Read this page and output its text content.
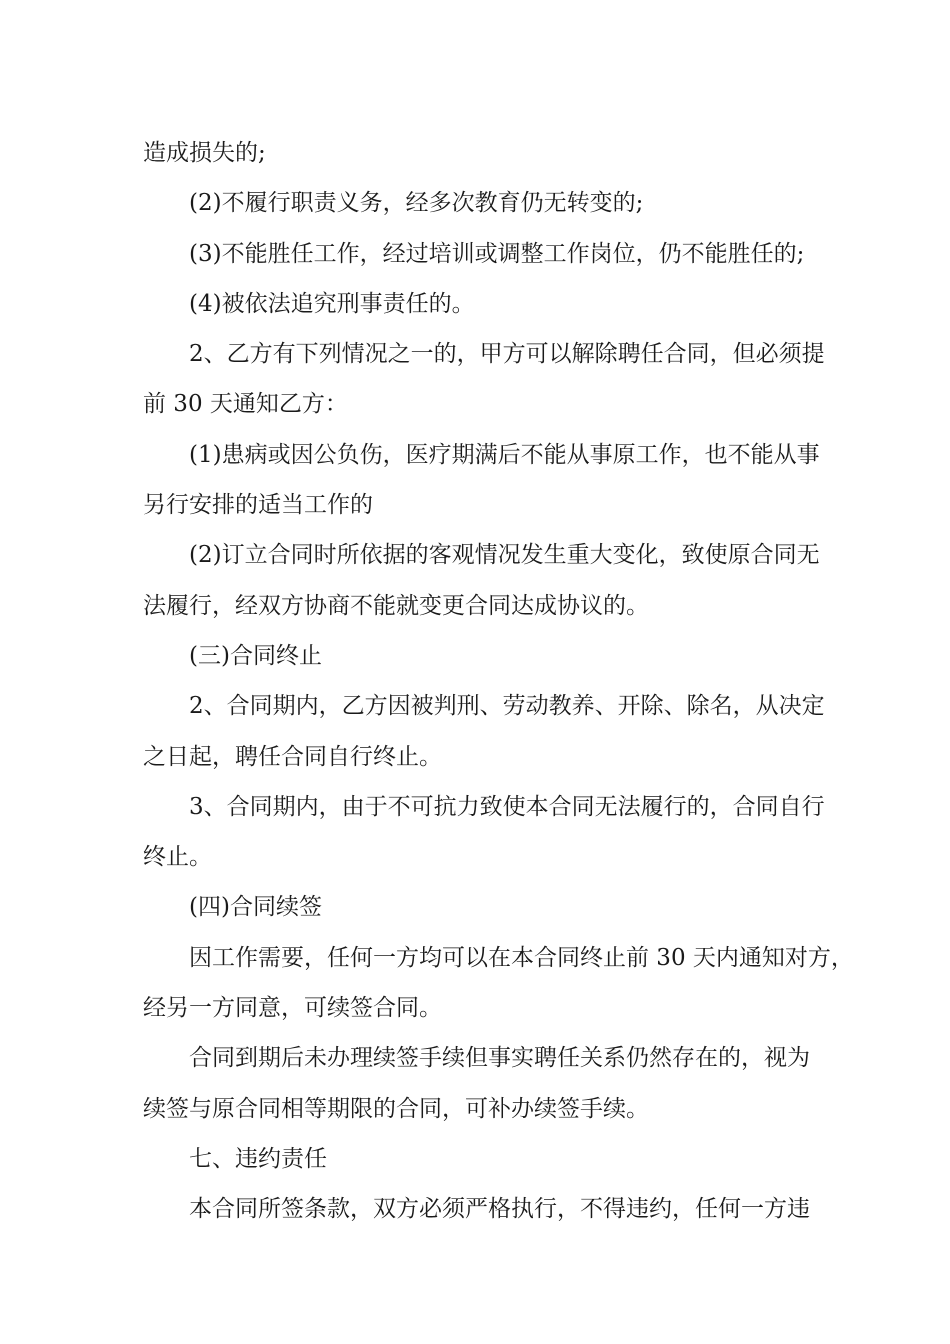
造成损失的;
(2)不履行职责义务，经多次教育仍无转变的;
(3)不能胜任工作，经过培训或调整工作岗位，仍不能胜任的;
(4)被依法追究刑事责任的。
2、乙方有下列情况之一的，甲方可以解除聘任合同，但必须提
前 30 天通知乙方：
(1)患病或因公负伤，医疗期满后不能从事原工作，也不能从事
另行安排的适当工作的
(2)订立合同时所依据的客观情况发生重大变化，致使原合同无
法履行，经双方协商不能就变更合同达成协议的。
(三)合同终止
2、合同期内，乙方因被判刑、劳动教养、开除、除名，从决定
之日起，聘任合同自行终止。
3、合同期内，由于不可抗力致使本合同无法履行的，合同自行
终止。
(四)合同续签
因工作需要，任何一方均可以在本合同终止前 30 天内通知对方，
经另一方同意，可续签合同。
合同到期后未办理续签手续但事实聘任关系仍然存在的，视为
续签与原合同相等期限的合同，可补办续签手续。
七、违约责任
本合同所签条款，双方必须严格执行，不得违约，任何一方违
